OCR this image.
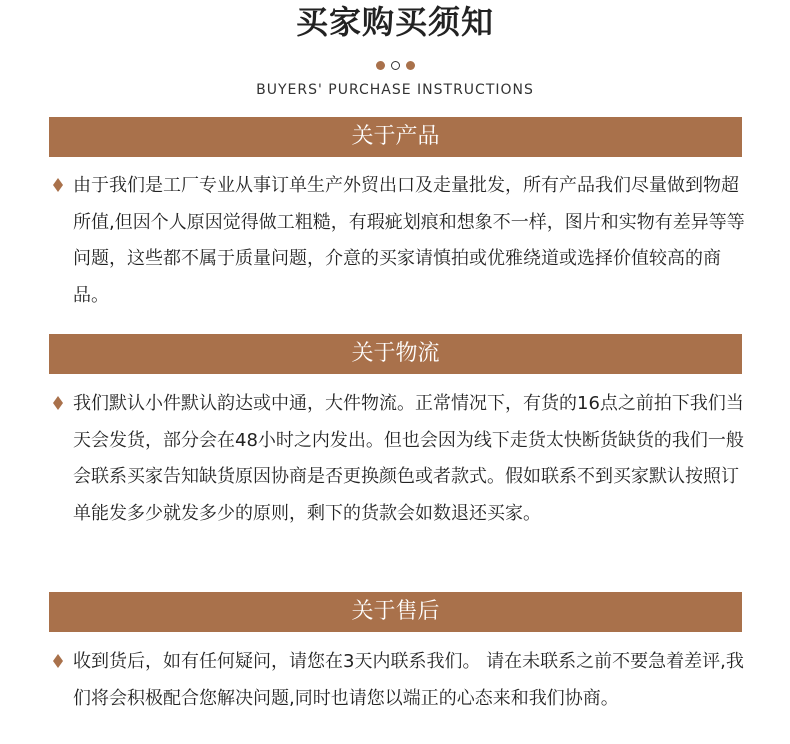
买家购买须知
BUYERS' PURCHASE INSTRUCTIONS
关于产品

由于我们是工厂专业从事订单生产外贸出口及走量批发，所有产品我们尽量做到物超所值,但因个人原因觉得做工粗糙，有瑕疵划痕和想象不一样，图片和实物有差异等等问题，这些都不属于质量问题，介意的买家请慎拍或优雅绕道或选择价值较高的商品。

关于物流

我们默认小件默认韵达或中通，大件物流。正常情况下，有货的16点之前拍下我们当天会发货，部分会在48小时之内发出。但也会因为线下走货太快断货缺货的我们一般会联系买家告知缺货原因协商是否更换颜色或者款式。假如联系不到买家默认按照订单能发多少就发多少的原则，剩下的货款会如数退还买家。

关于售后

收到货后，如有任何疑问，请您在3天内联系我们。 请在未联系之前不要急着差评,我们将会积极配合您解决问题,同时也请您以端正的心态来和我们协商。
